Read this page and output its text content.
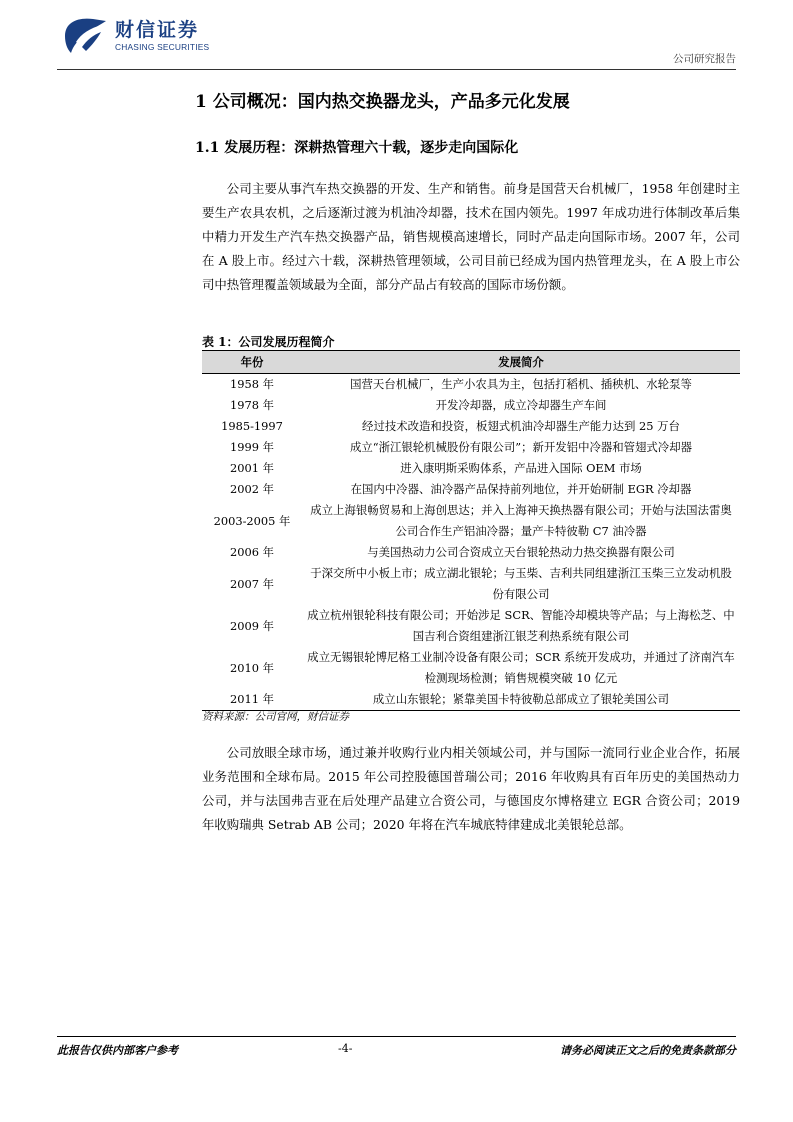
财信证券
CHASING SECURITIES
公司研究报告
1 公司概况：国内热交换器龙头，产品多元化发展
1.1 发展历程：深耕热管理六十载，逐步走向国际化

公司主要从事汽车热交换器的开发、生产和销售。前身是国营天台机械厂，1958 年创建时主要生产农具农机，之后逐渐过渡为机油冷却器，技术在国内领先。1997 年成功进行体制改革后集中精力开发生产汽车热交换器产品，销售规模高速增长，同时产品走向国际市场。2007 年，公司在 A 股上市。经过六十载，深耕热管理领域，公司目前已经成为国内热管理龙头，在 A 股上市公司中热管理覆盖领域最为全面，部分产品占有较高的国际市场份额。

表 1：公司发展历程简介
年份	发展简介
1958 年	国营天台机械厂，生产小农具为主，包括打稻机、插秧机、水轮泵等
1978 年	开发冷却器，成立冷却器生产车间
1985-1997	经过技术改造和投资，板翅式机油冷却器生产能力达到 25 万台
1999 年	成立“浙江银轮机械股份有限公司”；新开发铝中冷器和管翅式冷却器
2001 年	进入康明斯采购体系，产品进入国际 OEM 市场
2002 年	在国内中冷器、油冷器产品保持前列地位，并开始研制 EGR 冷却器
2003-2005 年	成立上海银畅贸易和上海创思达；并入上海神天换热器有限公司；开始与法国法雷奥公司合作生产铝油冷器；量产卡特彼勒 C7 油冷器
2006 年	与美国热动力公司合资成立天台银轮热动力热交换器有限公司
2007 年	于深交所中小板上市；成立湖北银轮；与玉柴、吉利共同组建浙江玉柴三立发动机股份有限公司
2009 年	成立杭州银轮科技有限公司；开始涉足 SCR、智能冷却模块等产品；与上海松芝、中国吉利合资组建浙江银芝利热系统有限公司
2010 年	成立无锡银轮博尼格工业制冷设备有限公司；SCR 系统开发成功，并通过了济南汽车检测现场检测；销售规模突破 10 亿元
2011 年	成立山东银轮；紧靠美国卡特彼勒总部成立了银轮美国公司
资料来源：公司官网，财信证券

公司放眼全球市场，通过兼并收购行业内相关领域公司，并与国际一流同行业企业合作，拓展业务范围和全球布局。2015 年公司控股德国普瑞公司；2016 年收购具有百年历史的美国热动力公司，并与法国弗吉亚在后处理产品建立合资公司，与德国皮尔博格建立 EGR 合资公司；2019 年收购瑞典 Setrab AB 公司；2020 年将在汽车城底特律建成北美银轮总部。

此报告仅供内部客户参考	-4-	请务必阅读正文之后的免责条款部分
